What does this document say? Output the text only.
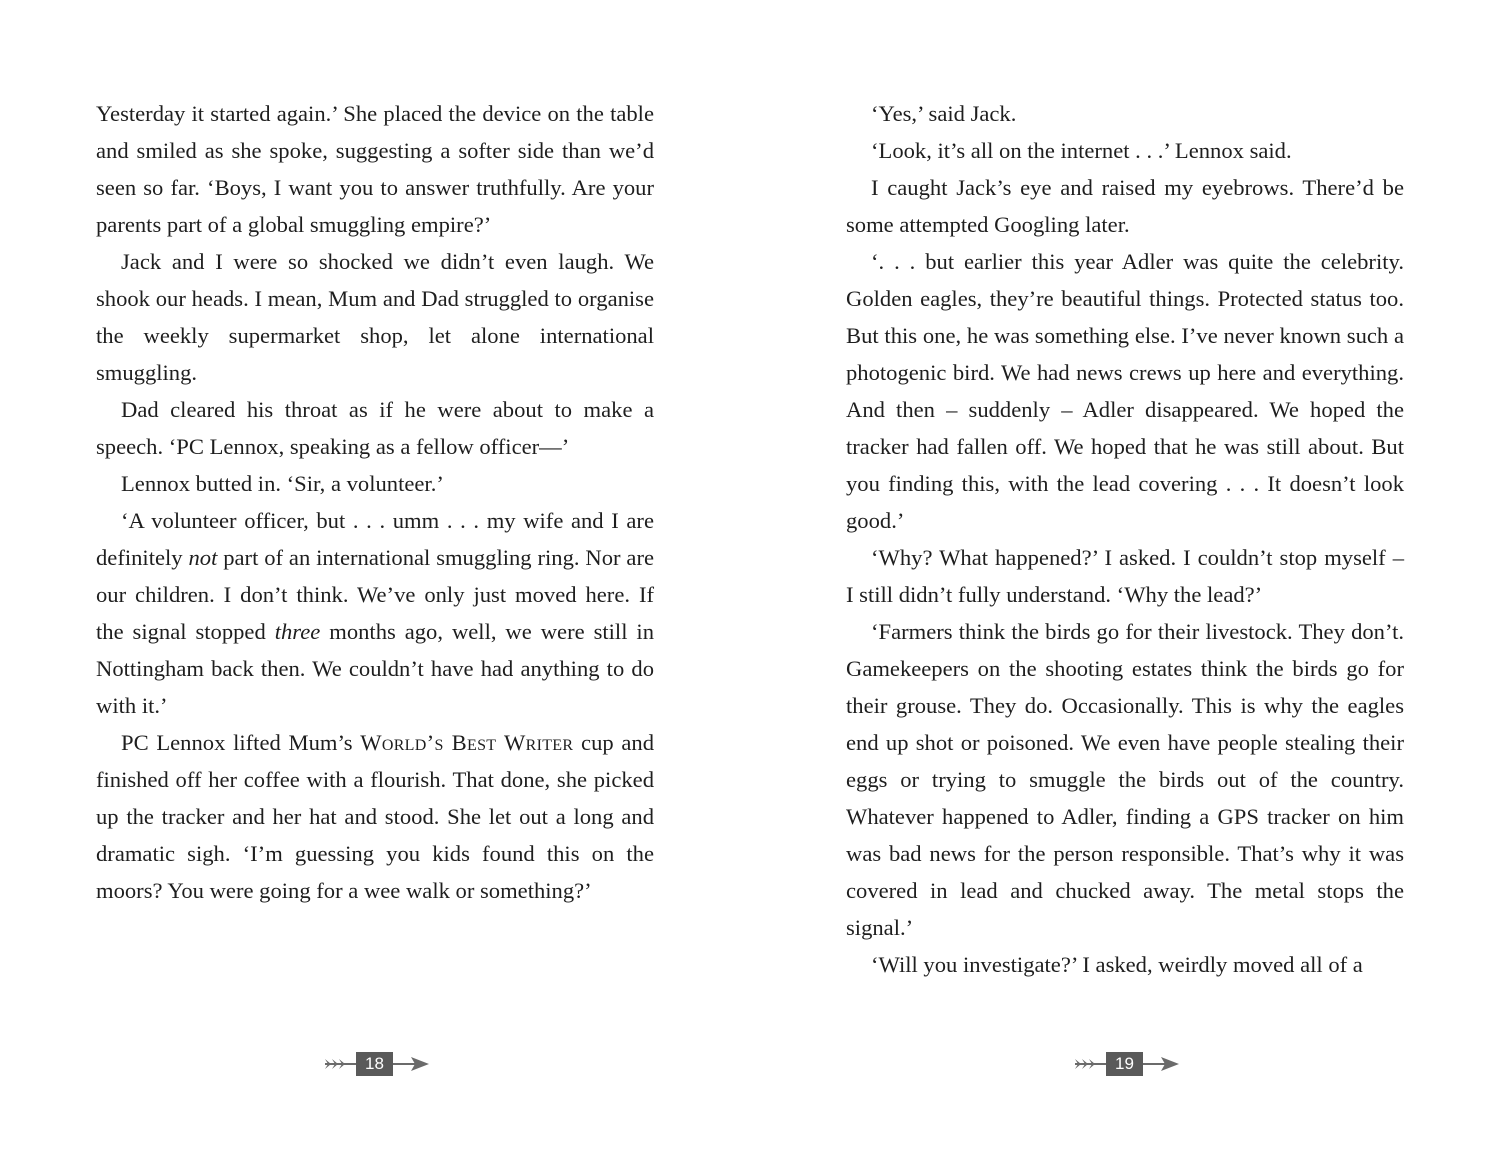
Yesterday it started again.’ She placed the device on the table and smiled as she spoke, suggesting a softer side than we’d seen so far. ‘Boys, I want you to answer truthfully. Are your parents part of a global smuggling empire?’

Jack and I were so shocked we didn’t even laugh. We shook our heads. I mean, Mum and Dad struggled to organise the weekly supermarket shop, let alone international smuggling.

Dad cleared his throat as if he were about to make a speech. ‘PC Lennox, speaking as a fellow officer—’

Lennox butted in. ‘Sir, a volunteer.’

‘A volunteer officer, but . . . umm . . . my wife and I are definitely not part of an international smuggling ring. Nor are our children. I don’t think. We’ve only just moved here. If the signal stopped three months ago, well, we were still in Nottingham back then. We couldn’t have had anything to do with it.’

PC Lennox lifted Mum’s World’s Best Writer cup and finished off her coffee with a flourish. That done, she picked up the tracker and her hat and stood. She let out a long and dramatic sigh. ‘I’m guessing you kids found this on the moors? You were going for a wee walk or something?’

‘Yes,’ said Jack.

‘Look, it’s all on the internet . . .’ Lennox said.

I caught Jack’s eye and raised my eyebrows. There’d be some attempted Googling later.

‘. . . but earlier this year Adler was quite the celebrity. Golden eagles, they’re beautiful things. Protected status too. But this one, he was something else. I’ve never known such a photogenic bird. We had news crews up here and everything. And then – suddenly – Adler disappeared. We hoped the tracker had fallen off. We hoped that he was still about. But you finding this, with the lead covering . . . It doesn’t look good.’

‘Why? What happened?’ I asked. I couldn’t stop myself – I still didn’t fully understand. ‘Why the lead?’

‘Farmers think the birds go for their livestock. They don’t. Gamekeepers on the shooting estates think the birds go for their grouse. They do. Occasionally. This is why the eagles end up shot or poisoned. We even have people stealing their eggs or trying to smuggle the birds out of the country. Whatever happened to Adler, finding a GPS tracker on him was bad news for the person responsible. That’s why it was covered in lead and chucked away. The metal stops the signal.’

‘Will you investigate?’ I asked, weirdly moved all of a

18	19
